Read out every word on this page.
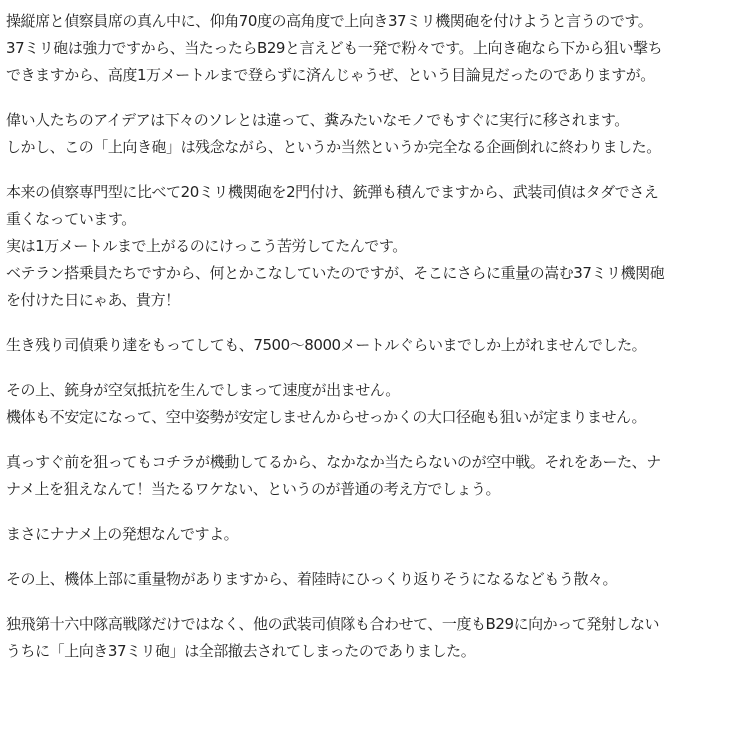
操縦席と偵察員席の真ん中に、仰角70度の高角度で上向き37ミリ機関砲を付けようと言うのです。
37ミリ砲は強力ですから、当たったらB29と言えども一発で粉々です。上向き砲なら下から狙い撃ち
できますから、高度1万メートルまで登らずに済んじゃうぜ、という目論見だったのでありますが。

偉い人たちのアイデアは下々のソレとは違って、糞みたいなモノでもすぐに実行に移されます。
しかし、この「上向き砲」は残念ながら、というか当然というか完全なる企画倒れに終わりました。

本来の偵察専門型に比べて20ミリ機関砲を2門付け、銃弾も積んでますから、武装司偵はタダでさえ
重くなっています。
実は1万メートルまで上がるのにけっこう苦労してたんです。
ベテラン搭乗員たちですから、何とかこなしていたのですが、そこにさらに重量の嵩む37ミリ機関砲
を付けた日にゃあ、貴方！

生き残り司偵乗り達をもってしても、7500～8000メートルぐらいまでしか上がれませんでした。

その上、銃身が空気抵抗を生んでしまって速度が出ません。
機体も不安定になって、空中姿勢が安定しませんからせっかくの大口径砲も狙いが定まりません。

真っすぐ前を狙ってもコチラが機動してるから、なかなか当たらないのが空中戦。それをあーた、ナ
ナメ上を狙えなんて！当たるワケない、というのが普通の考え方でしょう。

まさにナナメ上の発想なんですよ。

その上、機体上部に重量物がありますから、着陸時にひっくり返りそうになるなどもう散々。

独飛第十六中隊高戦隊だけではなく、他の武装司偵隊も合わせて、一度もB29に向かって発射しない
うちに「上向き37ミリ砲」は全部撤去されてしまったのでありました。
